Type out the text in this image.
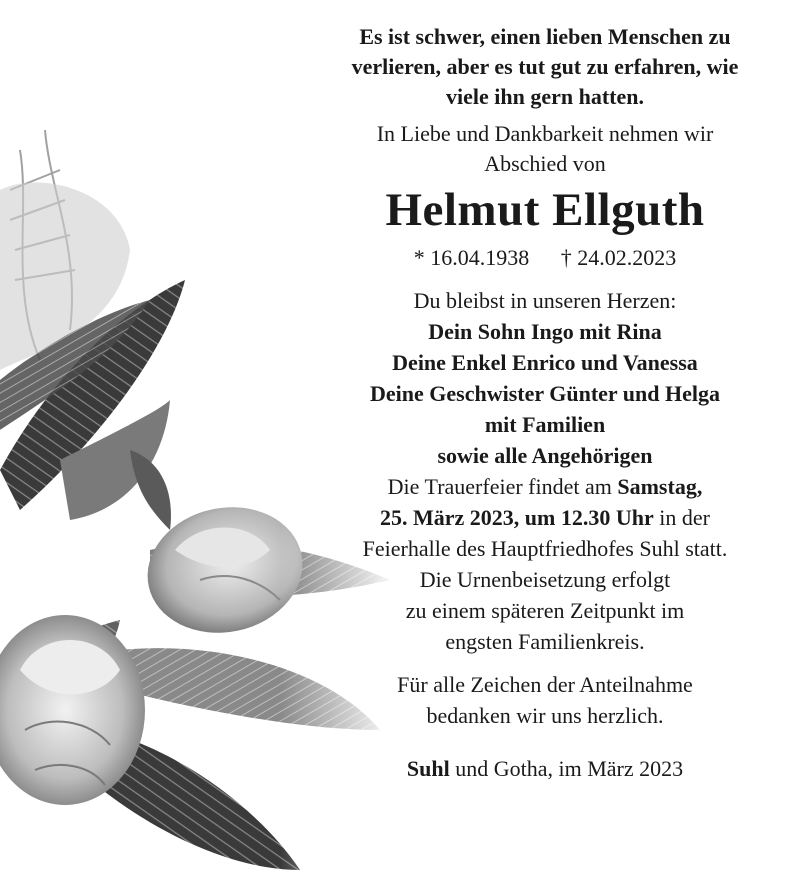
Es ist schwer, einen lieben Menschen zu
verlieren, aber es tut gut zu erfahren, wie
viele ihn gern hatten.
In Liebe und Dankbarkeit nehmen wir
Abschied von
Helmut Ellguth
* 16.04.1938 † 24.02.2023
Du bleibst in unseren Herzen:
Dein Sohn Ingo mit Rina
Deine Enkel Enrico und Vanessa
Deine Geschwister Günter und Helga
mit Familien
sowie alle Angehörigen
Die Trauerfeier findet am Samstag,
25. März 2023, um 12.30 Uhr in der
Feierhalle des Hauptfriedhofes Suhl statt.
Die Urnenbeisetzung erfolgt
zu einem späteren Zeitpunkt im
engsten Familienkreis.
Für alle Zeichen der Anteilnahme
bedanken wir uns herzlich.
Suhl und Gotha, im März 2023
